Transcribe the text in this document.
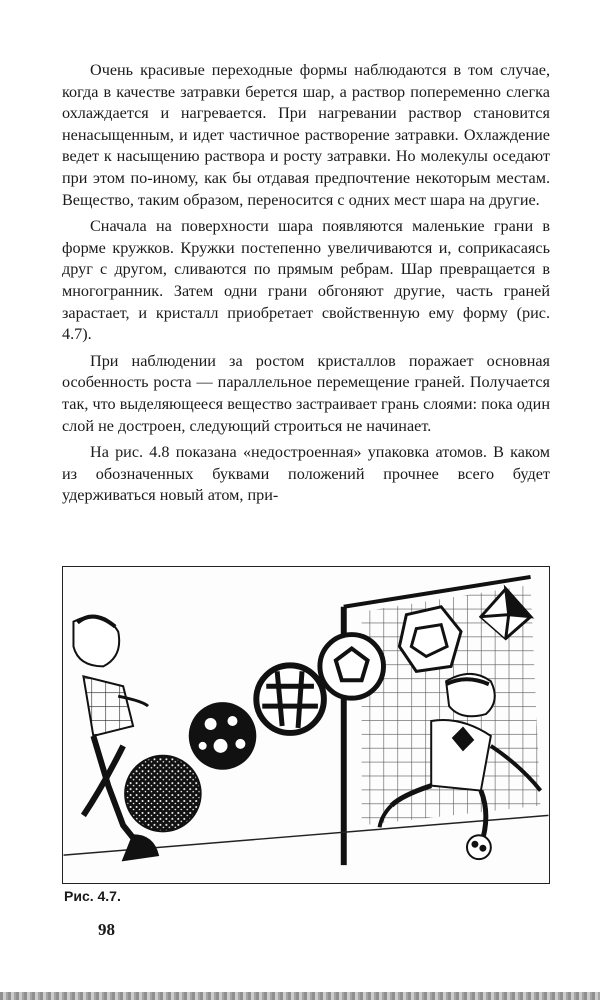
Очень красивые переходные формы наблюдаются в том случае, когда в качестве затравки берется шар, а раствор попеременно слегка охлаждается и нагревается. При нагревании раствор становится ненасыщенным, и идет частичное растворение затравки. Охлаждение ведет к насыщению раствора и росту затравки. Но молекулы оседают при этом по-иному, как бы отдавая предпочтение некоторым местам. Вещество, таким образом, переносится с одних мест шара на другие.

Сначала на поверхности шара появляются маленькие грани в форме кружков. Кружки постепенно увеличиваются и, соприкасаясь друг с другом, сливаются по прямым ребрам. Шар превращается в многогранник. Затем одни грани обгоняют другие, часть граней зарастает, и кристалл приобретает свойственную ему форму (рис. 4.7).

При наблюдении за ростом кристаллов поражает основная особенность роста — параллельное перемещение граней. Получается так, что выделяющееся вещество застраивает грань слоями: пока один слой не достроен, следующий строиться не начинает.

На рис. 4.8 показана «недостроенная» упаковка атомов. В каком из обозначенных буквами положений прочнее всего будет удерживаться новый атом, при-

Рис. 4.7.
98
